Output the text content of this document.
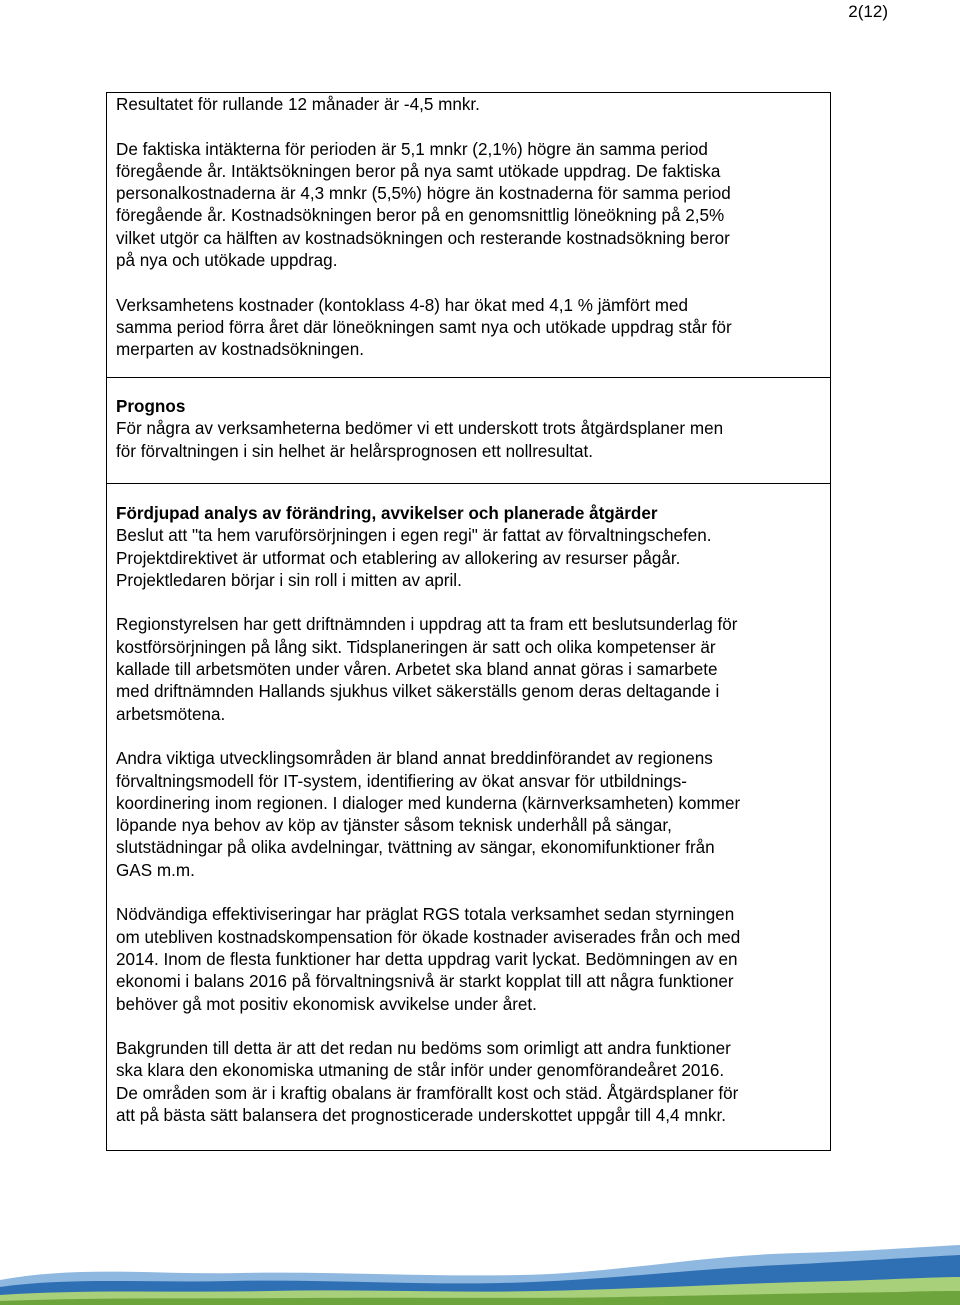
2(12)

Resultatet för rullande 12 månader är -4,5 mnkr.

De faktiska intäkterna för perioden är 5,1 mnkr (2,1%) högre än samma period
föregående år. Intäktsökningen beror på nya samt utökade uppdrag. De faktiska
personalkostnaderna är 4,3 mnkr (5,5%) högre än kostnaderna för samma period
föregående år. Kostnadsökningen beror på en genomsnittlig löneökning på 2,5%
vilket utgör ca hälften av kostnadsökningen och resterande kostnadsökning beror
på nya och utökade uppdrag.

Verksamhetens kostnader (kontoklass 4-8) har ökat med 4,1 % jämfört med
samma period förra året där löneökningen samt nya och utökade uppdrag står för
merparten av kostnadsökningen.

Prognos

För några av verksamheterna bedömer vi ett underskott trots åtgärdsplaner men
för förvaltningen i sin helhet är helårsprognosen ett nollresultat.

Fördjupad analys av förändring, avvikelser och planerade åtgärder

Beslut att "ta hem varuförsörjningen i egen regi" är fattat av förvaltningschefen.
Projektdirektivet är utformat och etablering av allokering av resurser pågår.
Projektledaren börjar i sin roll i mitten av april.

Regionstyrelsen har gett driftnämnden i uppdrag att ta fram ett beslutsunderlag för
kostförsörjningen på lång sikt. Tidsplaneringen är satt och olika kompetenser är
kallade till arbetsmöten under våren. Arbetet ska bland annat göras i samarbete
med driftnämnden Hallands sjukhus vilket säkerställs genom deras deltagande i
arbetsmötena.

Andra viktiga utvecklingsområden är bland annat breddinförandet av regionens
förvaltningsmodell för IT-system, identifiering av ökat ansvar för utbildnings-
koordinering inom regionen. I dialoger med kunderna (kärnverksamheten) kommer
löpande nya behov av köp av tjänster såsom teknisk underhåll på sängar,
slutstädningar på olika avdelningar, tvättning av sängar, ekonomifunktioner från
GAS m.m.

Nödvändiga effektiviseringar har präglat RGS totala verksamhet sedan styrningen
om utebliven kostnadskompensation för ökade kostnader aviserades från och med
2014. Inom de flesta funktioner har detta uppdrag varit lyckat. Bedömningen av en
ekonomi i balans 2016 på förvaltningsnivå är starkt kopplat till att några funktioner
behöver gå mot positiv ekonomisk avvikelse under året.

Bakgrunden till detta är att det redan nu bedöms som orimligt att andra funktioner
ska klara den ekonomiska utmaning de står inför under genomförandeåret 2016.
De områden som är i kraftig obalans är framförallt kost och städ. Åtgärdsplaner för
att på bästa sätt balansera det prognosticerade underskottet uppgår till 4,4 mnkr.
